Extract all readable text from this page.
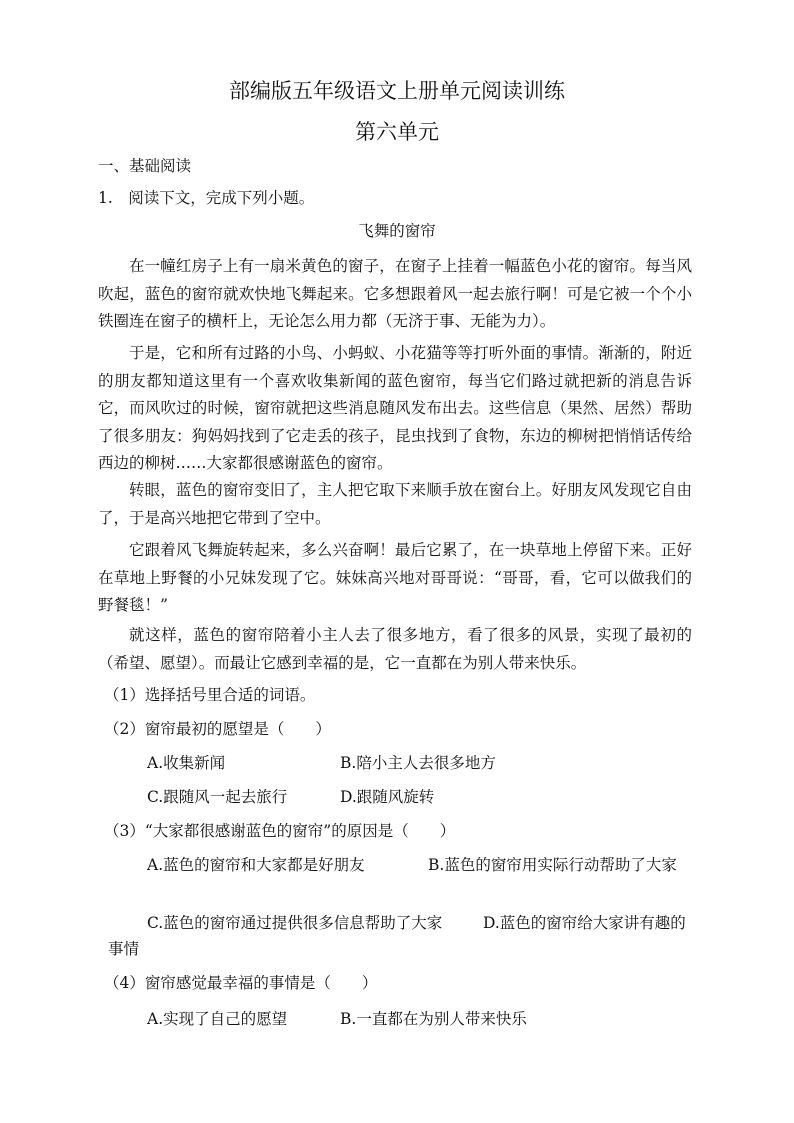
部编版五年级语文上册单元阅读训练
第六单元
一、基础阅读
1.　阅读下文，完成下列小题。
飞舞的窗帘

在一幢红房子上有一扇米黄色的窗子，在窗子上挂着一幅蓝色小花的窗帘。每当风吹起，蓝色的窗帘就欢快地飞舞起来。它多想跟着风一起去旅行啊！可是它被一个个小铁圈连在窗子的横杆上，无论怎么用力都（无济于事、无能为力）。

于是，它和所有过路的小鸟、小蚂蚁、小花猫等等打听外面的事情。渐渐的，附近的朋友都知道这里有一个喜欢收集新闻的蓝色窗帘，每当它们路过就把新的消息告诉它，而风吹过的时候，窗帘就把这些消息随风发布出去。这些信息（果然、居然）帮助了很多朋友：狗妈妈找到了它走丢的孩子，昆虫找到了食物，东边的柳树把悄悄话传给西边的柳树……大家都很感谢蓝色的窗帘。

转眼，蓝色的窗帘变旧了，主人把它取下来顺手放在窗台上。好朋友风发现它自由了，于是高兴地把它带到了空中。

它跟着风飞舞旋转起来，多么兴奋啊！最后它累了，在一块草地上停留下来。正好在草地上野餐的小兄妹发现了它。妹妹高兴地对哥哥说：“哥哥，看，它可以做我们的野餐毯！”

就这样，蓝色的窗帘陪着小主人去了很多地方，看了很多的风景，实现了最初的（希望、愿望）。而最让它感到幸福的是，它一直都在为别人带来快乐。

（1）选择括号里合适的词语。
（2）窗帘最初的愿望是（　　）
A.收集新闻	B.陪小主人去很多地方
C.跟随风一起去旅行	D.跟随风旋转
（3）“大家都很感谢蓝色的窗帘”的原因是（　　）
A.蓝色的窗帘和大家都是好朋友	B.蓝色的窗帘用实际行动帮助了大家
C.蓝色的窗帘通过提供很多信息帮助了大家	D.蓝色的窗帘给大家讲有趣的
事情
（4）窗帘感觉最幸福的事情是（　　）
A.实现了自己的愿望	B.一直都在为别人带来快乐
